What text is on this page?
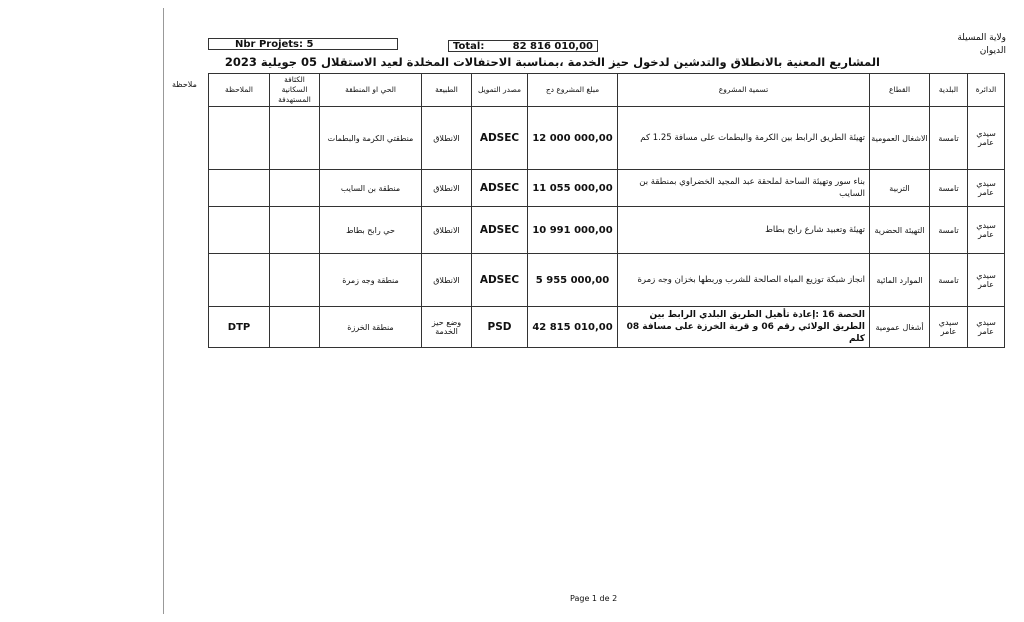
ولاية المسيلة
الديوان
Nbr Projets: 5	Total:	82 816 010,00
المشاريع المعنية بالانطلاق والتدشين لدخول حيز الخدمة ،بمناسبة الاحتفالات المخلدة لعيد الاستقلال 05 جويلية 2023
ملاحظة
الدائرة	البلدية	القطاع	تسمية المشروع	مبلغ المشروع دج	مصدر التمويل	الطبيعة	الحي او المنطقة	الكثافة السكانية المستهدفة	الملاحظة
سيدي عامر	تامسة	الاشغال العمومية	تهيئة الطريق الرابط بين الكرمة والبطمات على مسافة 1.25 كم	12 000 000,00	ADSEC	الانطلاق	منطقتي الكرمة والبطمات		
سيدي عامر	تامسة	التربية	بناء سور وتهيئة الساحة لملحقة عبد المجيد الخضراوي بمنطقة بن السايب	11 055 000,00	ADSEC	الانطلاق	منطقة بن السايب		
سيدي عامر	تامسة	التهيئة الحضرية	تهيئة وتعبيد شارع رابح بطاط	10 991 000,00	ADSEC	الانطلاق	حي رابح بطاط		
سيدي عامر	تامسة	الموارد المائية	انجاز شبكة توزيع المياه الصالحة للشرب وربطها بخزان وجه زمرة	5 955 000,00	ADSEC	الانطلاق	منطقة وجه زمرة		
سيدي عامر	سيدي عامر	أشغال عمومية	الحصة 16 :إعادة تأهيل الطريق البلدي الرابط بين الطريق الولائي رقم 06 و قرية الخرزة على مسافة 08 كلم	42 815 010,00	PSD	وضع حيز الخدمة	منطقة الخرزة		DTP
Page 1 de 2
